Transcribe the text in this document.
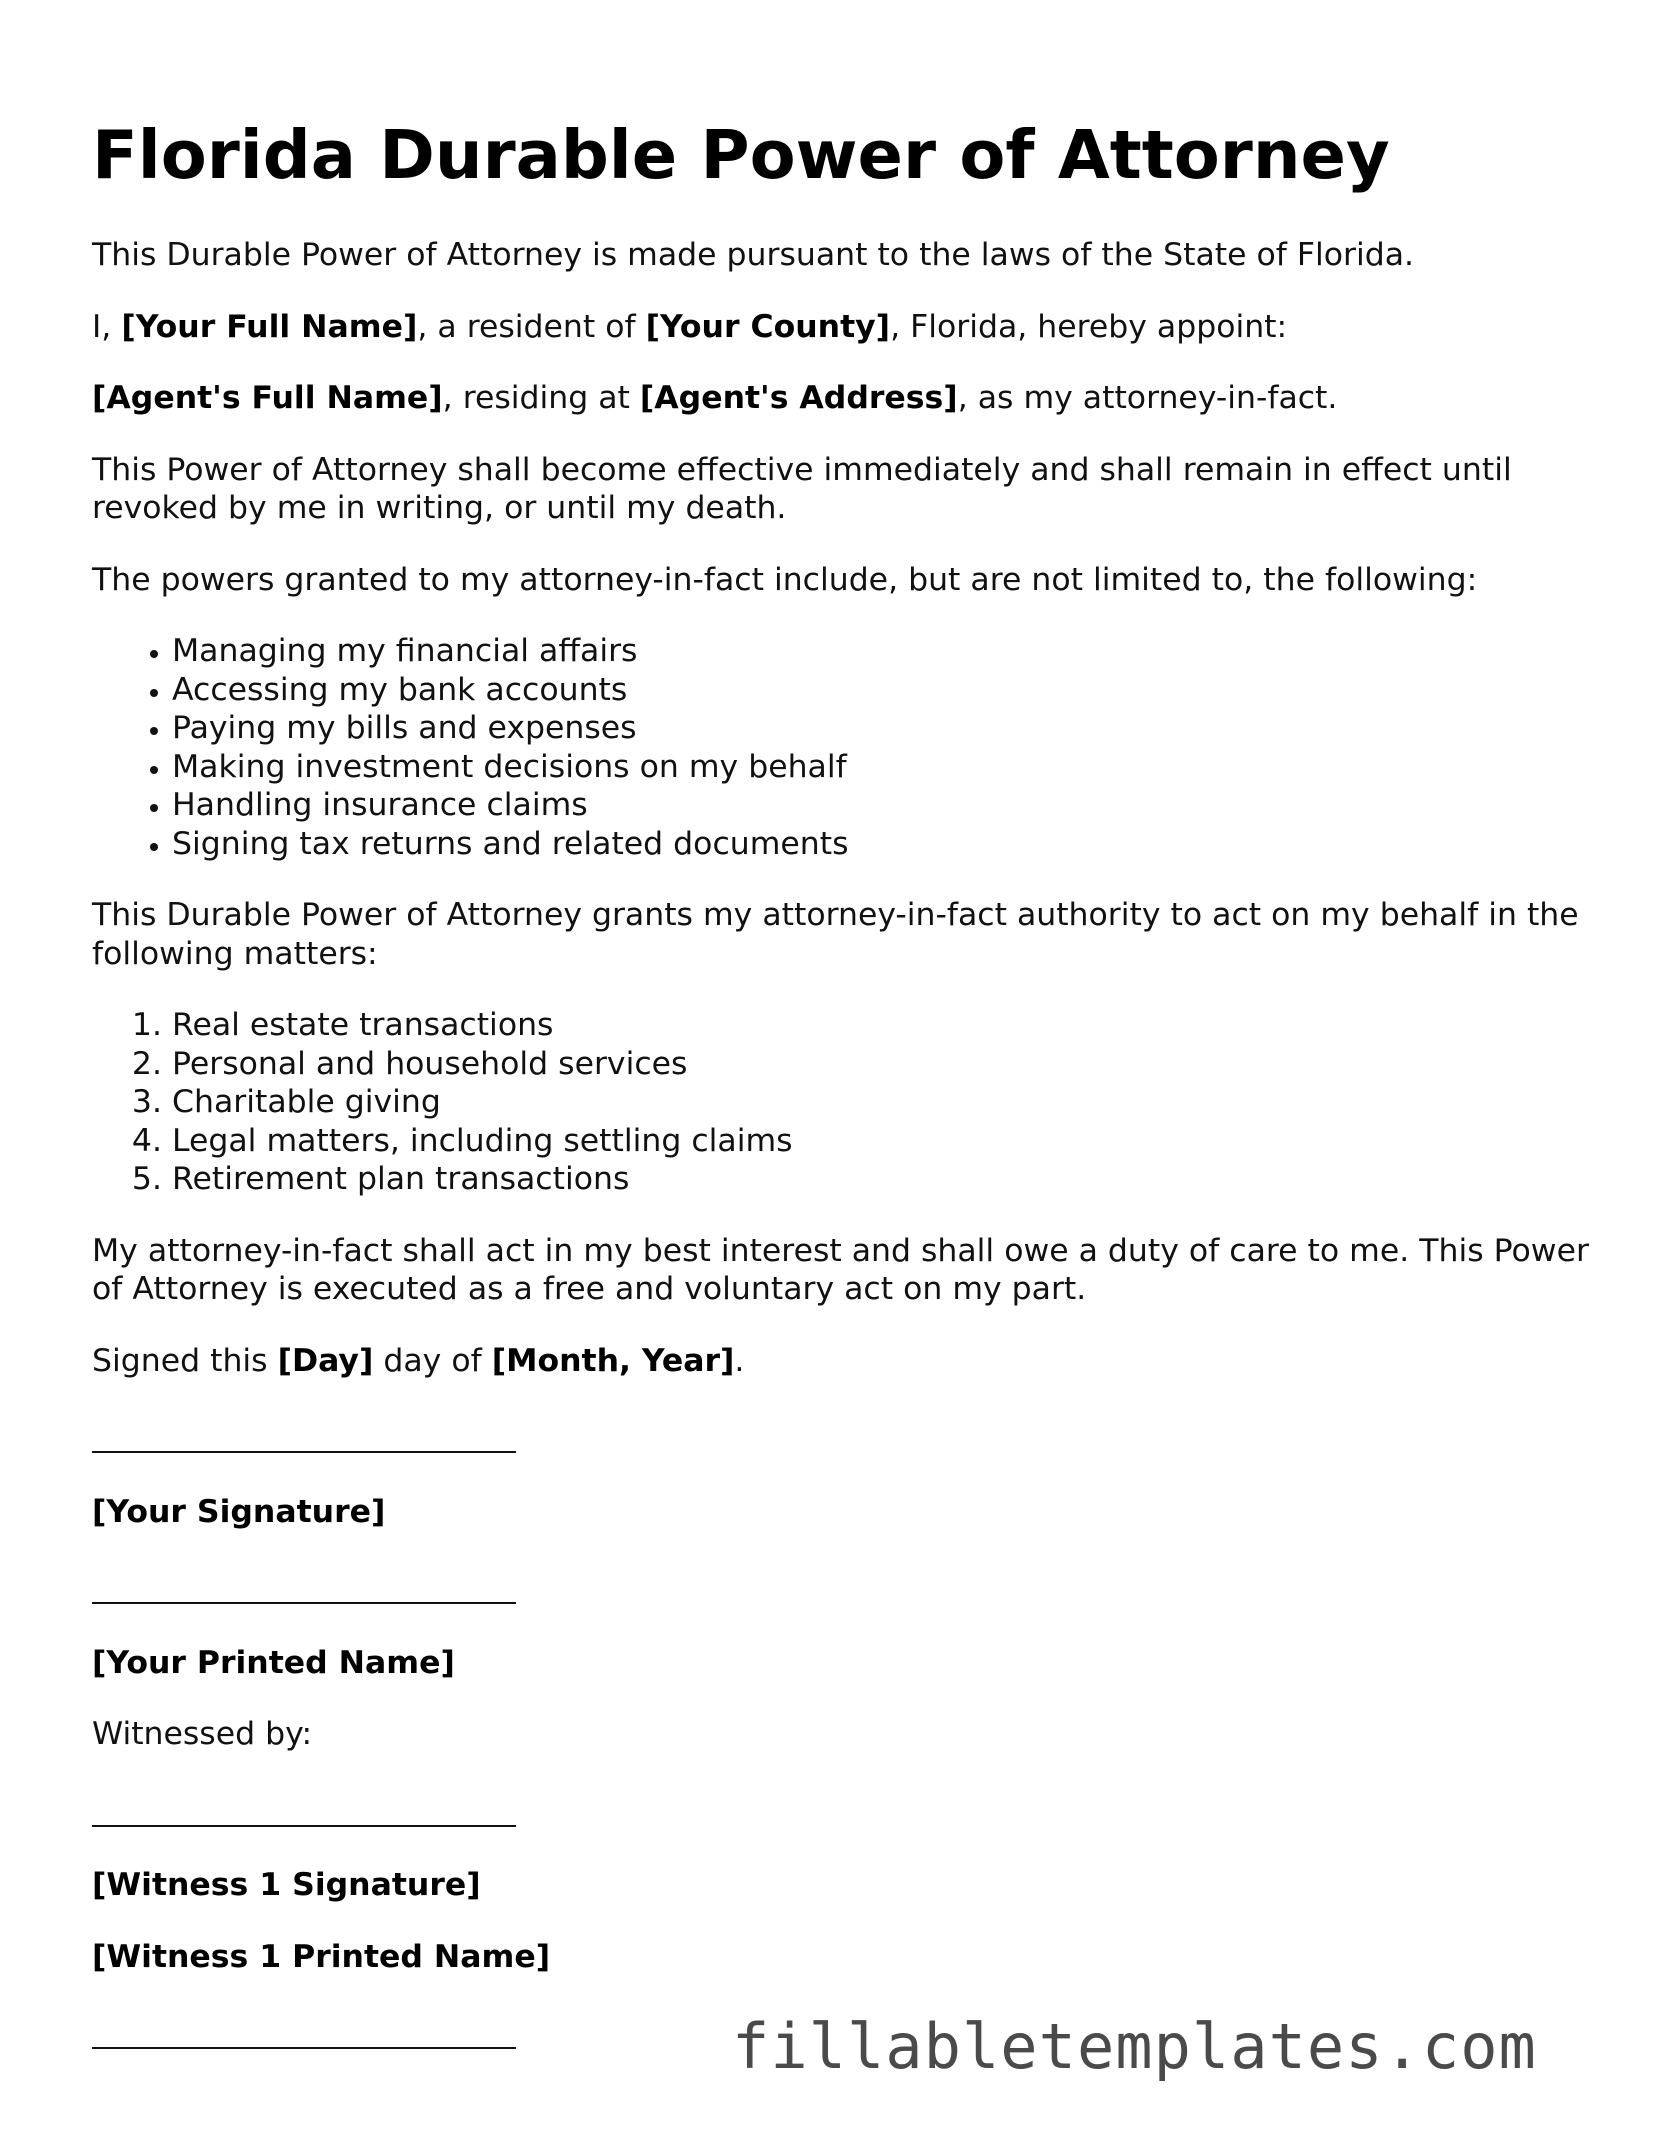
Florida Durable Power of Attorney

This Durable Power of Attorney is made pursuant to the laws of the State of Florida.

I, [Your Full Name], a resident of [Your County], Florida, hereby appoint:

[Agent's Full Name], residing at [Agent's Address], as my attorney-in-fact.

This Power of Attorney shall become effective immediately and shall remain in effect until revoked by me in writing, or until my death.

The powers granted to my attorney-in-fact include, but are not limited to, the following:

• Managing my financial affairs
• Accessing my bank accounts
• Paying my bills and expenses
• Making investment decisions on my behalf
• Handling insurance claims
• Signing tax returns and related documents

This Durable Power of Attorney grants my attorney-in-fact authority to act on my behalf in the following matters:

1. Real estate transactions
2. Personal and household services
3. Charitable giving
4. Legal matters, including settling claims
5. Retirement plan transactions

My attorney-in-fact shall act in my best interest and shall owe a duty of care to me. This Power of Attorney is executed as a free and voluntary act on my part.

Signed this [Day] day of [Month, Year].

[Your Signature]

[Your Printed Name]

Witnessed by:

[Witness 1 Signature]

[Witness 1 Printed Name]

fillabletemplates.com
